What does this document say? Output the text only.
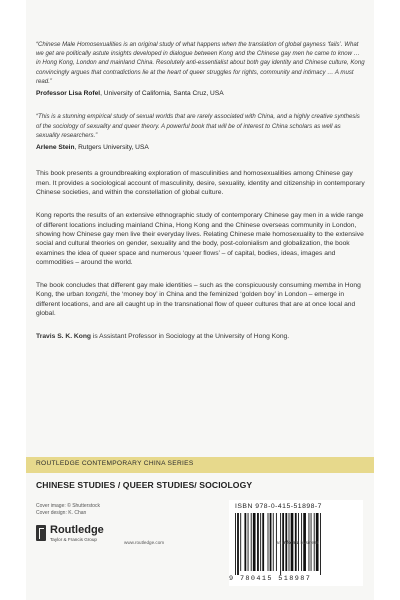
“Chinese Male Homosexualities is an original study of what happens when the translation of global gayness ‘fails’. What we get are politically astute insights developed in dialogue between Kong and the Chinese gay men he came to know … in Hong Kong, London and mainland China. Resolutely anti-essentialist about both gay identity and Chinese culture, Kong convincingly argues that contradictions lie at the heart of queer struggles for rights, community and intimacy … A must read.”

Professor Lisa Rofel, University of California, Santa Cruz, USA

“This is a stunning empirical study of sexual worlds that are rarely associated with China, and a highly creative synthesis of the sociology of sexuality and queer theory. A powerful book that will be of interest to China scholars as well as sexuality researchers.”

Arlene Stein, Rutgers University, USA

This book presents a groundbreaking exploration of masculinities and homosexualities among Chinese gay men. It provides a sociological account of masculinity, desire, sexuality, identity and citizenship in contemporary Chinese societies, and within the constellation of global culture.

Kong reports the results of an extensive ethnographic study of contemporary Chinese gay men in a wide range of different locations including mainland China, Hong Kong and the Chinese overseas community in London, showing how Chinese gay men live their everyday lives. Relating Chinese male homosexuality to the extensive social and cultural theories on gender, sexuality and the body, post-colonialism and globalization, the book examines the idea of queer space and numerous ‘queer flows’ – of capital, bodies, ideas, images and commodities – around the world.

The book concludes that different gay male identities – such as the conspicuously consuming memba in Hong Kong, the urban tongzhi, the ‘money boy’ in China and the feminized ‘golden boy’ in London – emerge in different locations, and are all caught up in the transnational flow of queer cultures that are at once local and global.

Travis S. K. Kong is Assistant Professor in Sociology at the University of Hong Kong.

ROUTLEDGE CONTEMPORARY CHINA SERIES
CHINESE STUDIES / QUEER STUDIES/ SOCIOLOGY
Cover image: © Shutterstock
Cover design: K. Chan
Routledge
Taylor & Francis Group
www.routledge.com
ISBN 978-0-415-51898-7
9 780415 518987
an informa business
